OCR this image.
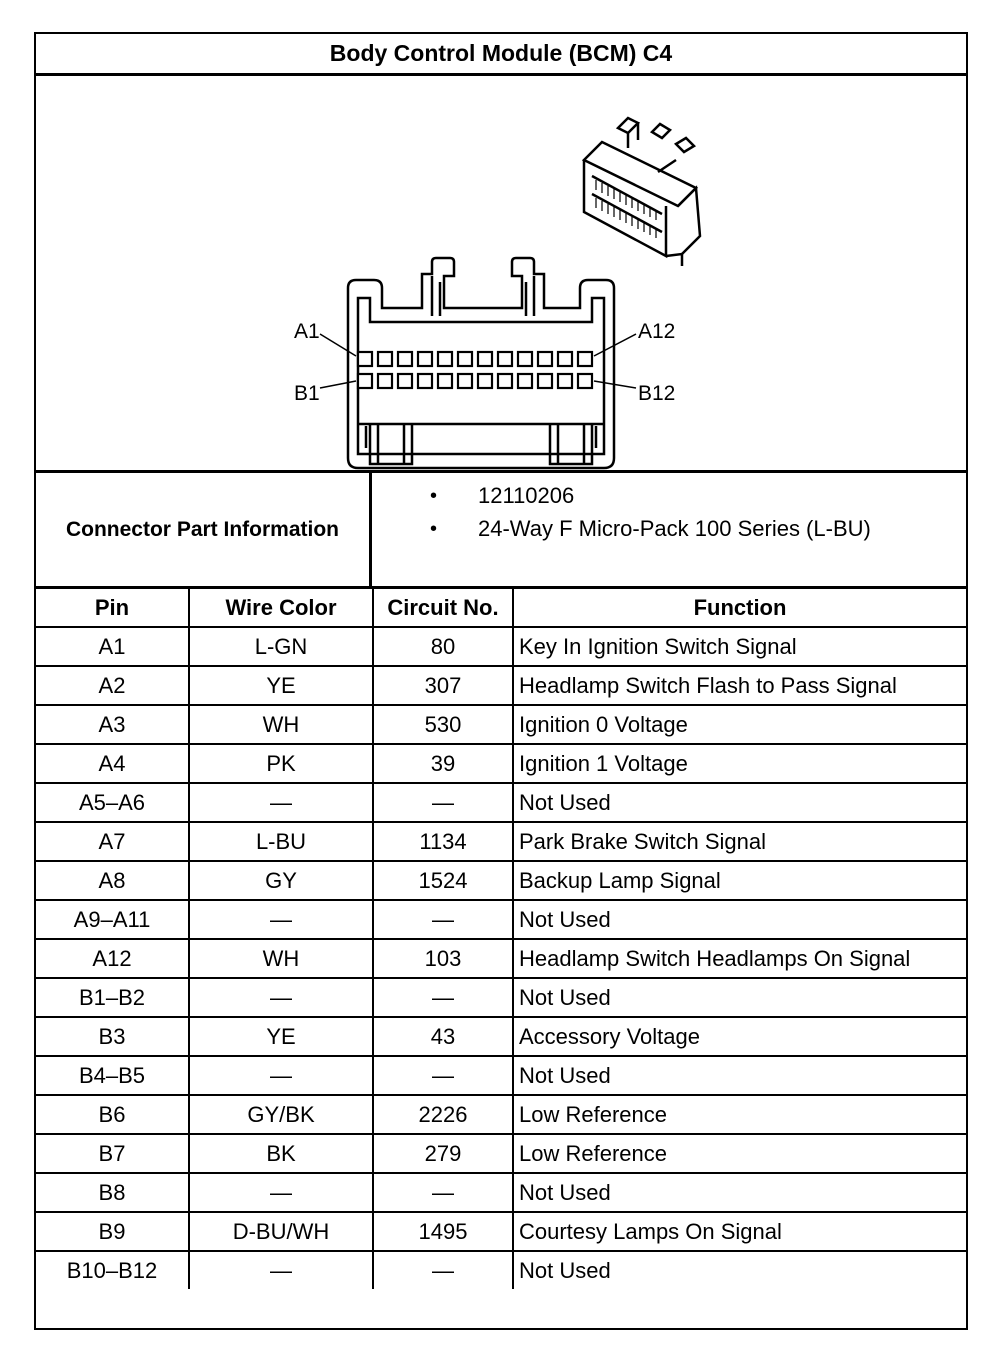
Body Control Module (BCM) C4
A1	A12
B1	B12
Connector Part Information
•	12110206
•	24-Way F Micro-Pack 100 Series (L-BU)
Pin	Wire Color	Circuit No.	Function
A1	L-GN	80	Key In Ignition Switch Signal
A2	YE	307	Headlamp Switch Flash to Pass Signal
A3	WH	530	Ignition 0 Voltage
A4	PK	39	Ignition 1 Voltage
A5–A6	—	—	Not Used
A7	L-BU	1134	Park Brake Switch Signal
A8	GY	1524	Backup Lamp Signal
A9–A11	—	—	Not Used
A12	WH	103	Headlamp Switch Headlamps On Signal
B1–B2	—	—	Not Used
B3	YE	43	Accessory Voltage
B4–B5	—	—	Not Used
B6	GY/BK	2226	Low Reference
B7	BK	279	Low Reference
B8	—	—	Not Used
B9	D-BU/WH	1495	Courtesy Lamps On Signal
B10–B12	—	—	Not Used
